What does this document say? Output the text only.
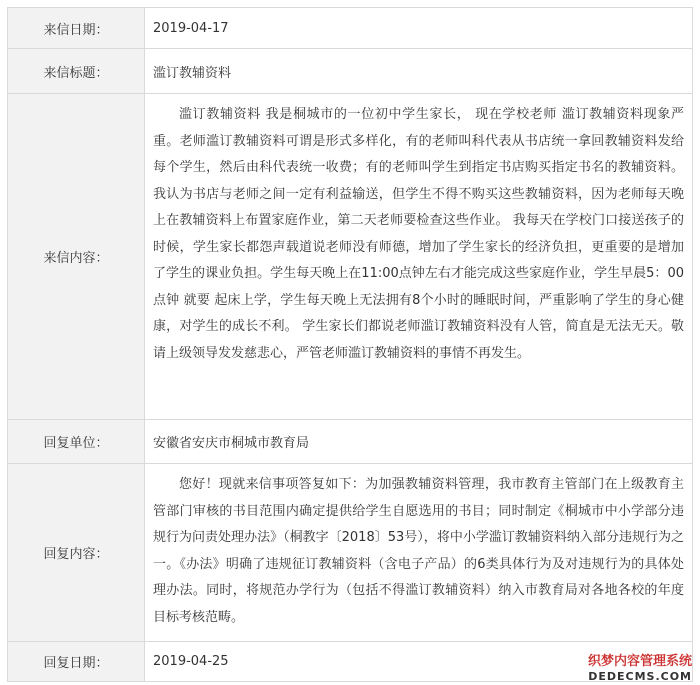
来信日期：	2019-04-17
来信标题：	滥订教辅资料
来信内容：	滥订教辅资料 我是桐城市的一位初中学生家长， 现在学校老师 滥订教辅资料现象严重。老师滥订教辅资料可谓是形式多样化，有的老师叫科代表从书店统一拿回教辅资料发给每个学生，然后由科代表统一收费；有的老师叫学生到指定书店购买指定书名的教辅资料。我认为书店与老师之间一定有利益输送，但学生不得不购买这些教辅资料，因为老师每天晚上在教辅资料上布置家庭作业，第二天老师要检查这些作业。 我每天在学校门口接送孩子的时候，学生家长都怨声载道说老师没有师德，增加了学生家长的经济负担，更重要的是增加了学生的课业负担。学生每天晚上在11:00点钟左右才能完成这些家庭作业，学生早晨5：00点钟 就要 起床上学，学生每天晚上无法拥有8个小时的睡眠时间，严重影响了学生的身心健康，对学生的成长不利。 学生家长们都说老师滥订教辅资料没有人管，简直是无法无天。敬请上级领导发发慈悲心，严管老师滥订教辅资料的事情不再发生。
回复单位：	安徽省安庆市桐城市教育局
回复内容：	您好！现就来信事项答复如下：为加强教辅资料管理，我市教育主管部门在上级教育主管部门审核的书目范围内确定提供给学生自愿选用的书目；同时制定《桐城市中小学部分违规行为问责处理办法》（桐教字〔2018〕53号），将中小学滥订教辅资料纳入部分违规行为之一。《办法》明确了违规征订教辅资料（含电子产品）的6类具体行为及对违规行为的具体处理办法。同时，将规范办学行为（包括不得滥订教辅资料）纳入市教育局对各地各校的年度目标考核范畴。
回复日期：	2019-04-25	织梦内容管理系统
DEDECMS.COM
